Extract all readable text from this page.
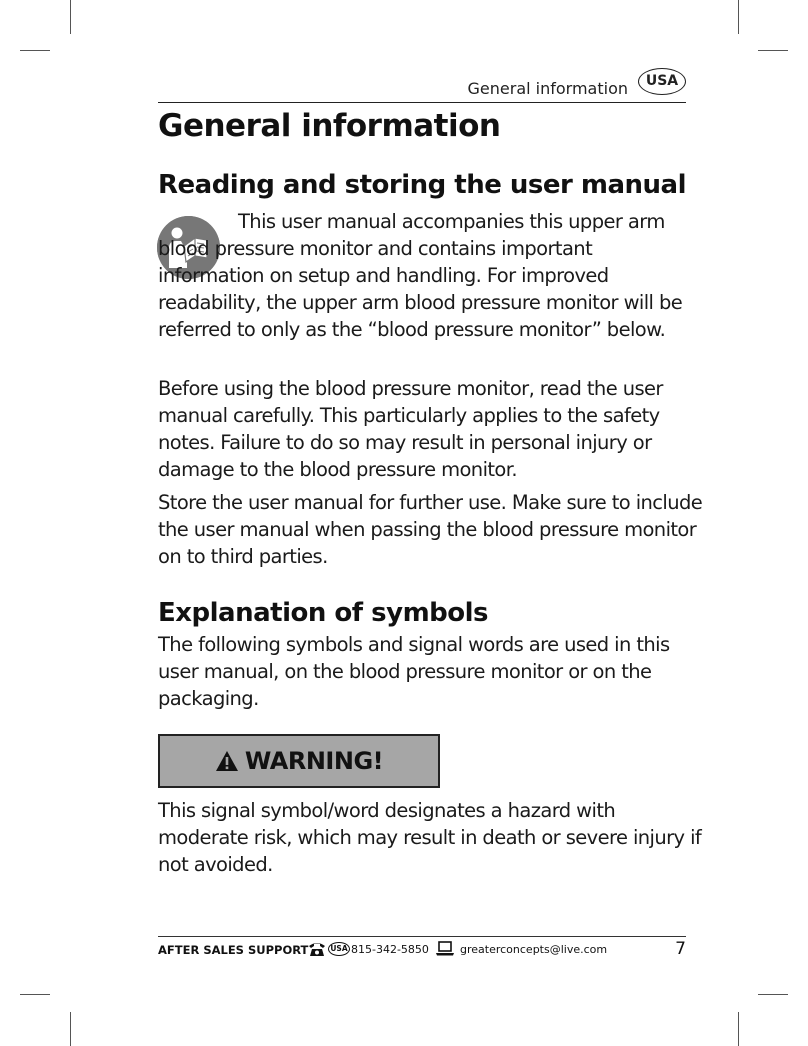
General information	USA
General information
Reading and storing the user manual

This user manual accompanies this upper arm blood pressure monitor and contains important information on setup and handling. For improved readability, the upper arm blood pressure monitor will be referred to only as the “blood pressure monitor” below.

Before using the blood pressure monitor, read the user manual carefully. This particularly applies to the safety notes. Failure to do so may result in personal injury or damage to the blood pressure monitor.

Store the user manual for further use. Make sure to include the user manual when passing the blood pressure monitor on to third parties.

Explanation of symbols

The following symbols and signal words are used in this user manual, on the blood pressure monitor or on the packaging.

WARNING!

This signal symbol/word designates a hazard with moderate risk, which may result in death or severe injury if not avoided.

AFTER SALES SUPPORT	USA 815-342-5850	greaterconcepts@live.com	7
